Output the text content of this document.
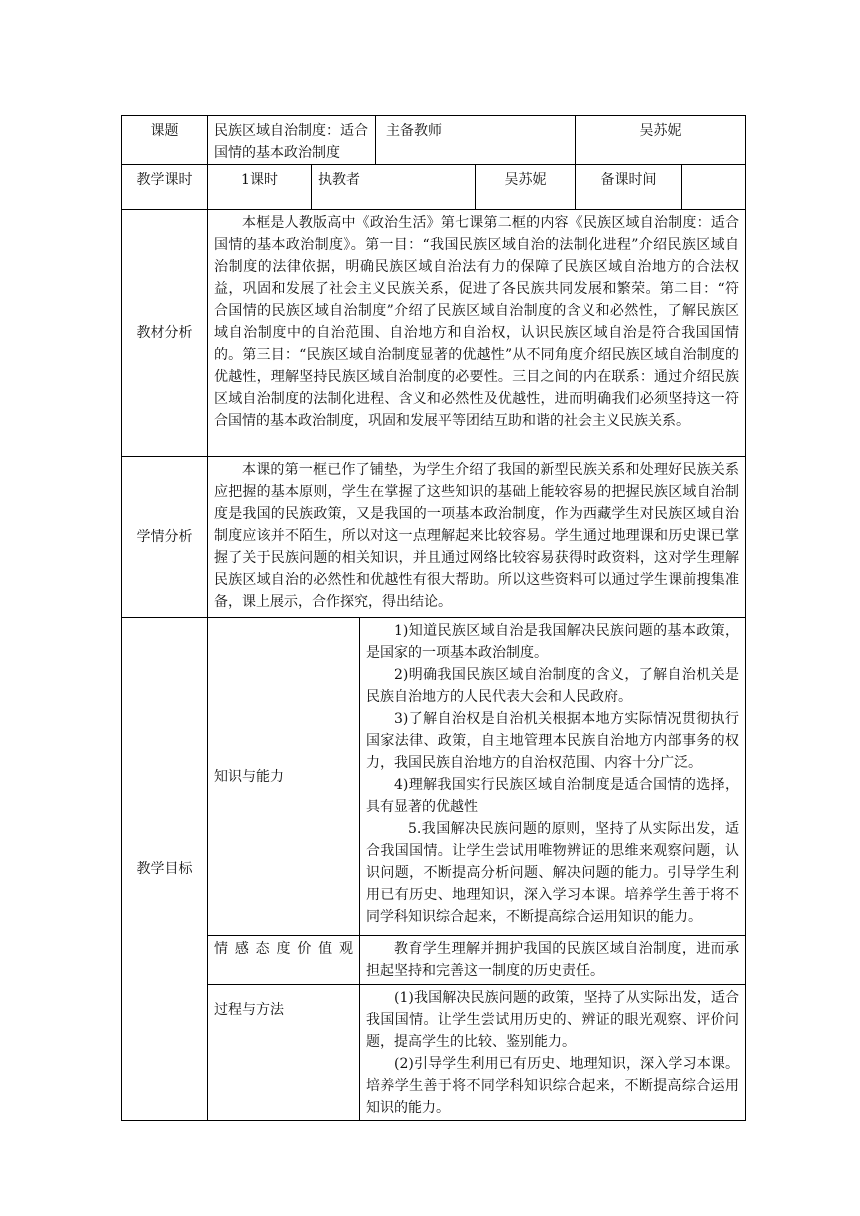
课题	民族区域自治制度：适合国情的基本政治制度			主备教师		吴苏妮	
教学课时	1课时	执教者			吴苏妮	备课时间	
教材分析	本框是人教版高中《政治生活》第七课第二框的内容《民族区域自治制度：适合国情的基本政治制度》。第一目：“我国民族区域自治的法制化进程”介绍民族区域自治制度的法律依据，明确民族区域自治法有力的保障了民族区域自治地方的合法权益，巩固和发展了社会主义民族关系，促进了各民族共同发展和繁荣。第二目：“符合国情的民族区域自治制度”介绍了民族区域自治制度的含义和必然性，了解民族区域自治制度中的自治范围、自治地方和自治权，认识民族区域自治是符合我国国情的。第三目：“民族区域自治制度显著的优越性”从不同角度介绍民族区域自治制度的优越性，理解坚持民族区域自治制度的必要性。三目之间的内在联系：通过介绍民族区域自治制度的法制化进程、含义和必然性及优越性，进而明确我们必须坚持这一符合国情的基本政治制度，巩固和发展平等团结互助和谐的社会主义民族关系。						

学情分析	本课的第一框已作了铺垫，为学生介绍了我国的新型民族关系和处理好民族关系应把握的基本原则，学生在掌握了这些知识的基础上能较容易的把握民族区域自治制度是我国的民族政策，又是我国的一项基本政治制度，作为西藏学生对民族区域自治制度应该并不陌生，所以对这一点理解起来比较容易。学生通过地理课和历史课已掌握了关于民族问题的相关知识，并且通过网络比较容易获得时政资料，这对学生理解民族区域自治的必然性和优越性有很大帮助。所以这些资料可以通过学生课前搜集准备，课上展示，合作探究，得出结论。						

教学目标	知识与能力		1)知道民族区域自治是我国解决民族问题的基本政策，是国家的一项基本政治制度。

2)明确我国民族区域自治制度的含义，了解自治机关是民族自治地方的人民代表大会和人民政府。

3)了解自治权是自治机关根据本地方实际情况贯彻执行国家法律、政策，自主地管理本民族自治地方内部事务的权力，我国民族自治地方的自治权范围、内容十分广泛。

4)理解我国实行民族区域自治制度是适合国情的选择，具有显著的优越性

5.我国解决民族问题的原则，坚持了从实际出发，适合我国国情。让学生尝试用唯物辨证的思维来观察问题，认识问题，不断提高分析问题、解决问题的能力。引导学生利用已有历史、地理知识，深入学习本课。培养学生善于将不同学科知识综合起来，不断提高综合运用知识的能力。				

	情感态度价值观		教育学生理解并拥护我国的民族区域自治制度，进而承担起坚持和完善这一制度的历史责任。				

	过程与方法		(1)我国解决民族问题的政策，坚持了从实际出发，适合我国国情。让学生尝试用历史的、辨证的眼光观察、评价问题，提高学生的比较、鉴别能力。

(2)引导学生利用已有历史、地理知识，深入学习本课。培养学生善于将不同学科知识综合起来，不断提高综合运用知识的能力。				
